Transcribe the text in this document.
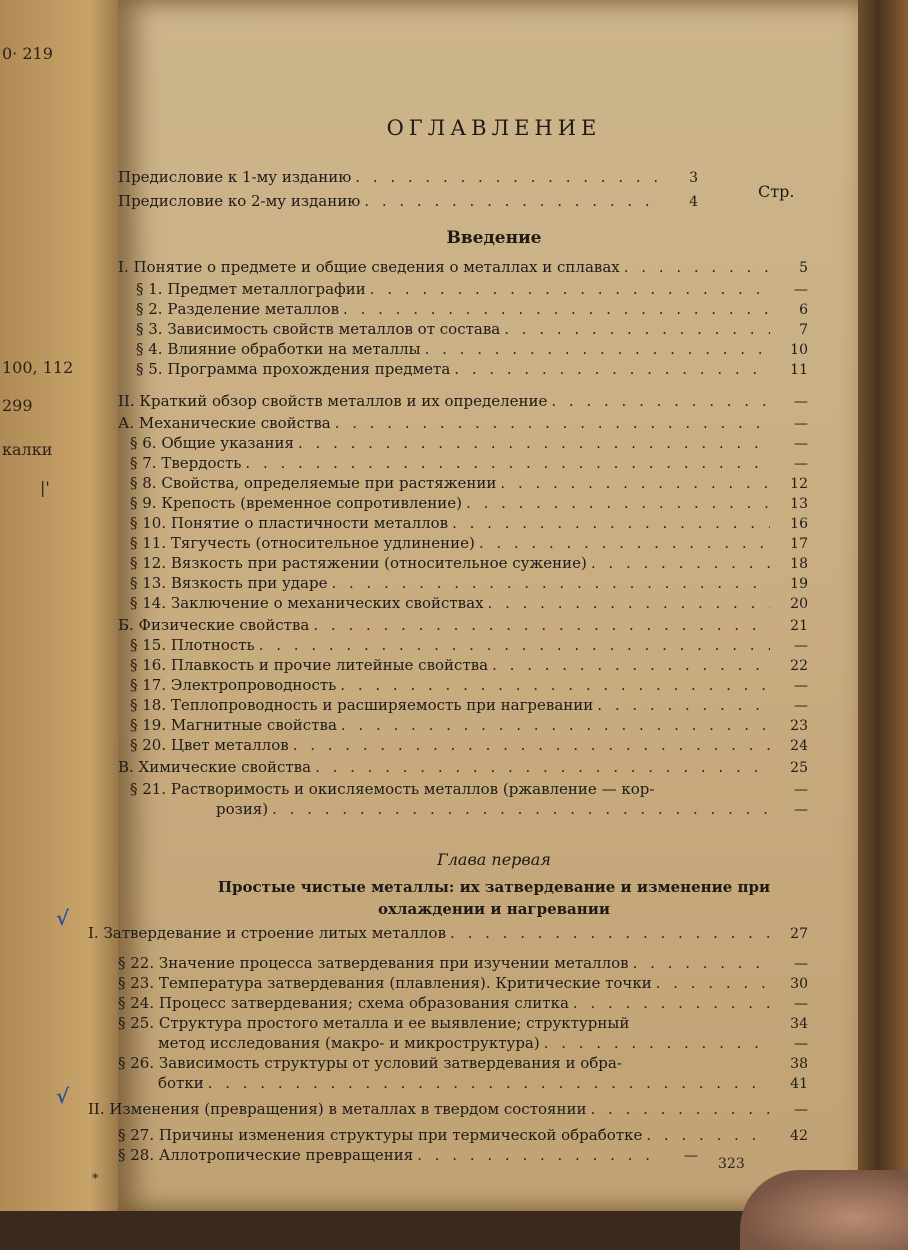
0· 219
100, 112
299
калки
|'
ОГЛАВЛЕНИЕ
Стр.
Введение
Предисловие к 1-му изданию . . .	3
Предисловие ко 2-му изданию . . .	4
I. Понятие о предмете и общие сведения о металлах и сплавах . . .	5
§ 1. Предмет металлографии . . .	—
§ 2. Разделение металлов . . .	6
§ 3. Зависимость свойств металлов от состава . . .	7
§ 4. Влияние обработки на металлы . . .	10
§ 5. Программа прохождения предмета . . .	11
II. Краткий обзор свойств металлов и их определение . . .	—
А. Механические свойства . . .	—
§ 6. Общие указания . . .	—
§ 7. Твердость . . .	—
§ 8. Свойства, определяемые при растяжении . . .	12
§ 9. Крепость (временное сопротивление) . . .	13
§ 10. Понятие о пластичности металлов . . .	16
§ 11. Тягучесть (относительное удлинение) . . .	17
§ 12. Вязкость при растяжении (относительное сужение) . . .	18
§ 13. Вязкость при ударе . . .	19
§ 14. Заключение о механических свойствах . . .	20
Б. Физические свойства . . .	21
§ 15. Плотность . . .	—
§ 16. Плавкость и прочие литейные свойства . . .	22
§ 17. Электропроводность . . .	—
§ 18. Теплопроводность и расширяемость при нагревании . . .	—
§ 19. Магнитные свойства . . .	23
§ 20. Цвет металлов . . .	24
В. Химические свойства . . .	25
§ 21. Растворимость и окисляемость металлов (ржавление — кор-	—
розия) . . .	—
Глава первая
Простые чистые металлы: их затвердевание и изменение при
охлаждении и нагревании
I. Затвердевание и строение литых металлов . . .	27
§ 22. Значение процесса затвердевания при изучении металлов . . .	—
§ 23. Температура затвердевания (плавления). Критические точки . . .	30
§ 24. Процесс затвердевания; схема образования слитка . . .	—
§ 25. Структура простого металла и ее выявление; структурный	34
метод исследования (макро- и микроструктура) . . .	—
§ 26. Зависимость структуры от условий затвердевания и обра-	38
ботки . . .	41
II. Изменения (превращения) в металлах в твердом состоянии . . .	—
§ 27. Причины изменения структуры при термической обработке . . .	42
§ 28. Аллотропические превращения . . .	— 323
√
√
*
